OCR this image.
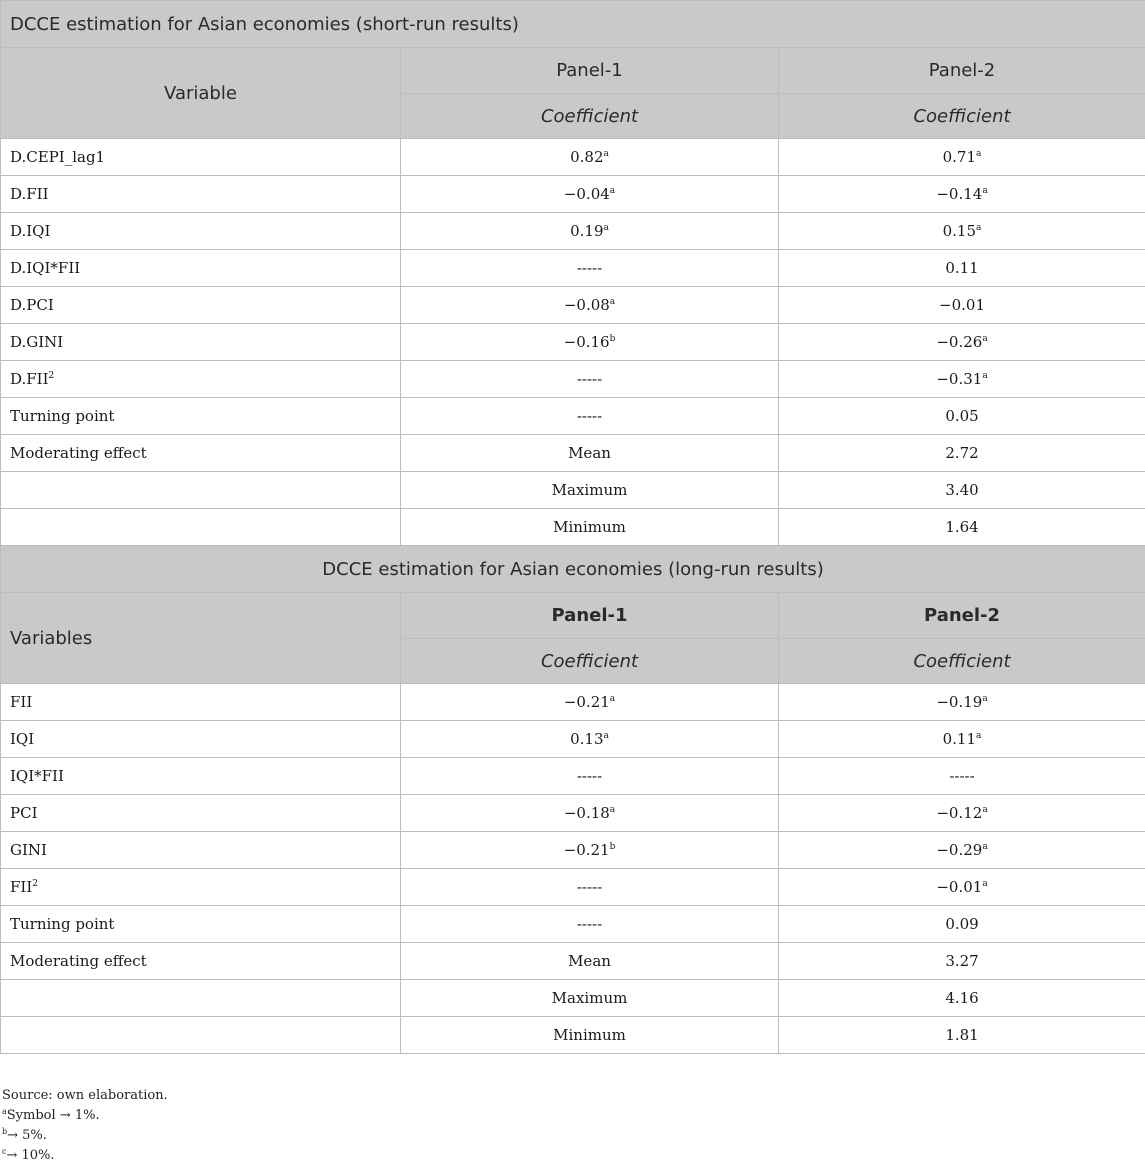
DCCE estimation for Asian economies (short-run results)		
Variable	Panel-1	Panel-2
	Coefficient	Coefficient
D.CEPI_lag1	0.82$^a$	0.71$^a$
D.FII	−0.04$^a$	−0.14$^a$
D.IQI	0.19$^a$	0.15$^a$
D.IQI*FII	-----	0.11
D.PCI	−0.08$^a$	−0.01
D.GINI	−0.16$^b$	−0.26$^a$
D.FII$^2$	-----	−0.31$^a$
Turning point	-----	0.05
Moderating effect	Mean	2.72
	Maximum	3.40
	Minimum	1.64
DCCE estimation for Asian economies (long-run results)		
Variables	Panel-1	Panel-2
	Coefficient	Coefficient
FII	−0.21$^a$	−0.19$^a$
IQI	0.13$^a$	0.11$^a$
IQI*FII	-----	-----
PCI	−0.18$^a$	−0.12$^a$
GINI	−0.21$^b$	−0.29$^a$
FII$^2$	-----	−0.01$^a$
Turning point	-----	0.09
Moderating effect	Mean	3.27
	Maximum	4.16
	Minimum	1.81
Source: own elaboration.
$^a$Symbol → 1%.
$^b$→ 5%.
$^c$→ 10%.
